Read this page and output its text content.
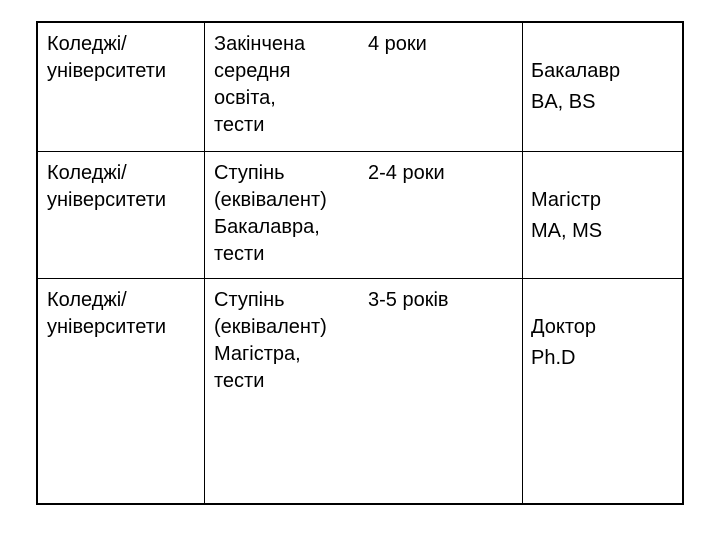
Коледжі/
університети
Закінчена
середня
освіта,
тести
4 роки

Бакалавр

BA, BS

Коледжі/
університети
Ступінь
(еквівалент)
Бакалавра,
тести
2-4 роки

Магістр

MA, MS

Коледжі/
університети
Ступінь
(еквівалент)
Магістра,
тести
3-5 років

Доктор

Ph.D
